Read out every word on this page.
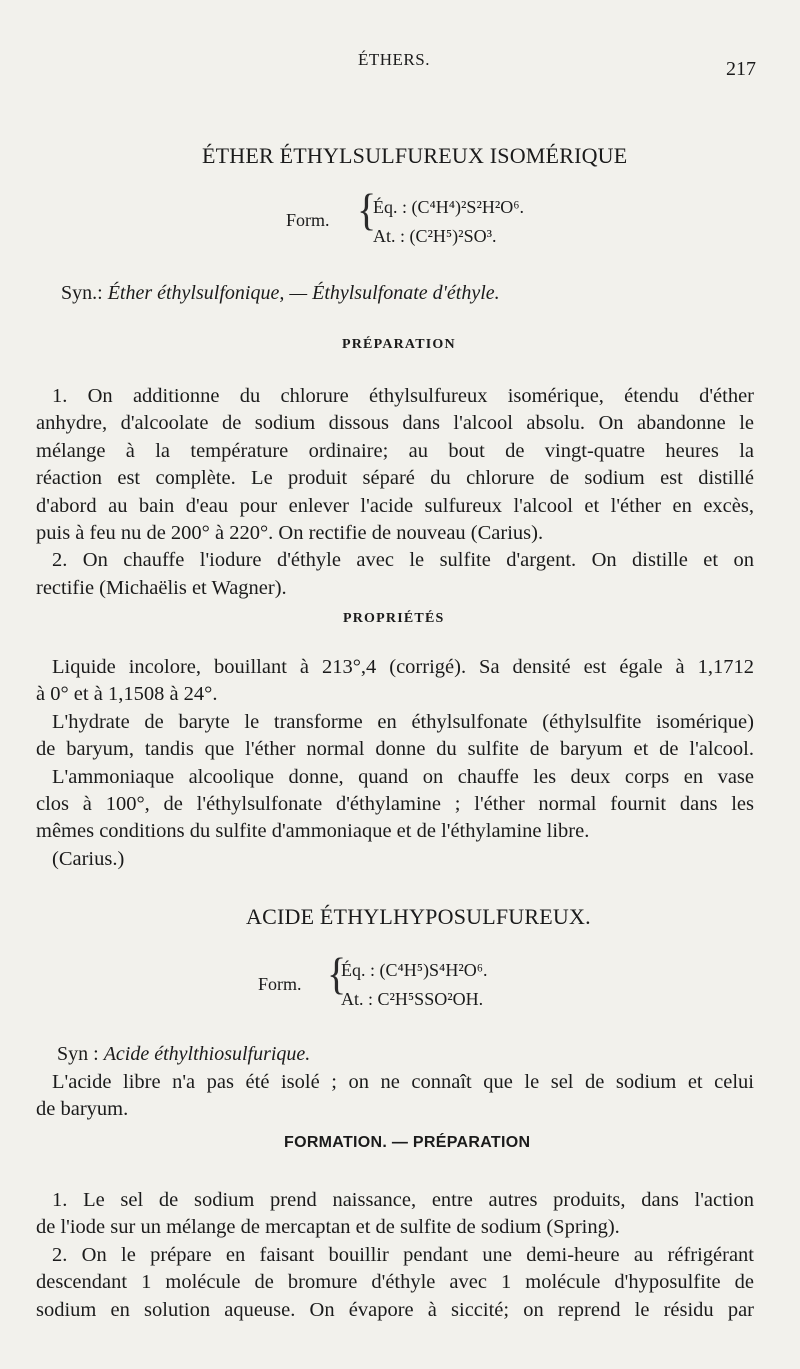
ÉTHERS.	217
ÉTHER ÉTHYLSULFUREUX ISOMÉRIQUE
Form. {
Éq. : (C⁴H⁴)²S²H²O⁶.
At. : (C²H⁵)²SO³.
Syn.: Éther éthylsulfonique, — Éthylsulfonate d'éthyle.
PRÉPARATION
1. On additionne du chlorure éthylsulfureux isomérique, étendu d'éther
anhydre, d'alcoolate de sodium dissous dans l'alcool absolu. On abandonne le
mélange à la température ordinaire; au bout de vingt-quatre heures la
réaction est complète. Le produit séparé du chlorure de sodium est distillé
d'abord au bain d'eau pour enlever l'acide sulfureux l'alcool et l'éther en excès,
puis à feu nu de 200° à 220°. On rectifie de nouveau (Carius).
2. On chauffe l'iodure d'éthyle avec le sulfite d'argent. On distille et on
rectifie (Michaëlis et Wagner).
PROPRIÉTÉS
Liquide incolore, bouillant à 213°,4 (corrigé). Sa densité est égale à 1,1712
à 0° et à 1,1508 à 24°.
L'hydrate de baryte le transforme en éthylsulfonate (éthylsulfite isomérique)
de baryum, tandis que l'éther normal donne du sulfite de baryum et de l'alcool.
L'ammoniaque alcoolique donne, quand on chauffe les deux corps en vase
clos à 100°, de l'éthylsulfonate d'éthylamine ; l'éther normal fournit dans les
mêmes conditions du sulfite d'ammoniaque et de l'éthylamine libre.
(Carius.)
ACIDE ÉTHYLHYPOSULFUREUX.
Form. {
Éq. : (C⁴H⁵)S⁴H²O⁶.
At. : C²H⁵SSO²OH.
Syn : Acide éthylthiosulfurique.
L'acide libre n'a pas été isolé ; on ne connaît que le sel de sodium et celui
de baryum.
FORMATION. — PRÉPARATION
1. Le sel de sodium prend naissance, entre autres produits, dans l'action
de l'iode sur un mélange de mercaptan et de sulfite de sodium (Spring).
2. On le prépare en faisant bouillir pendant une demi-heure au réfrigérant
descendant 1 molécule de bromure d'éthyle avec 1 molécule d'hyposulfite de
sodium en solution aqueuse. On évapore à siccité; on reprend le résidu par
